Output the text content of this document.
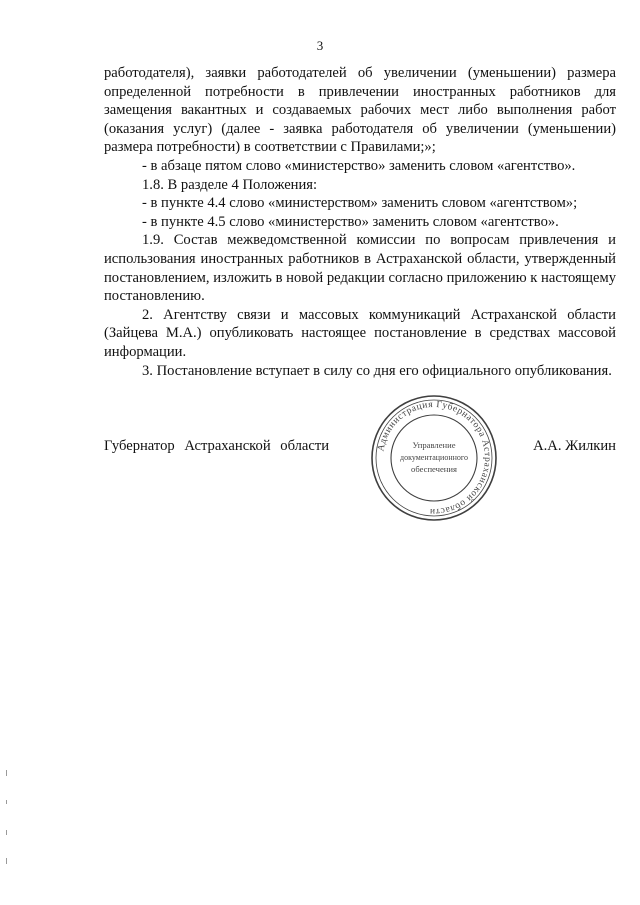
3

работодателя), заявки работодателей об увеличении (уменьшении) размера определенной потребности в привлечении иностранных работников для замещения вакантных и создаваемых рабочих мест либо выполнения работ (оказания услуг) (далее - заявка работодателя об увеличении (уменьшении) размера потребности) в соответствии с Правилами;»;

- в абзаце пятом слово «министерство» заменить словом «агентство».

1.8. В разделе 4 Положения:

- в пункте 4.4 слово «министерством» заменить словом «агентством»;

- в пункте 4.5 слово «министерство» заменить словом «агентство».

1.9. Состав межведомственной комиссии по вопросам привлечения и использования иностранных работников в Астраханской области, утвержденный постановлением, изложить в новой редакции согласно приложению к настоящему постановлению.

2. Агентству связи и массовых коммуникаций Астраханской области (Зайцева М.А.) опубликовать настоящее постановление в средствах массовой информации.

3. Постановление вступает в силу со дня его официального опубликования.

Губернатор Астраханской области	А.А. Жилкин
Администрация Губернатора Астраханской области
Управление
документационного
обеспечения
